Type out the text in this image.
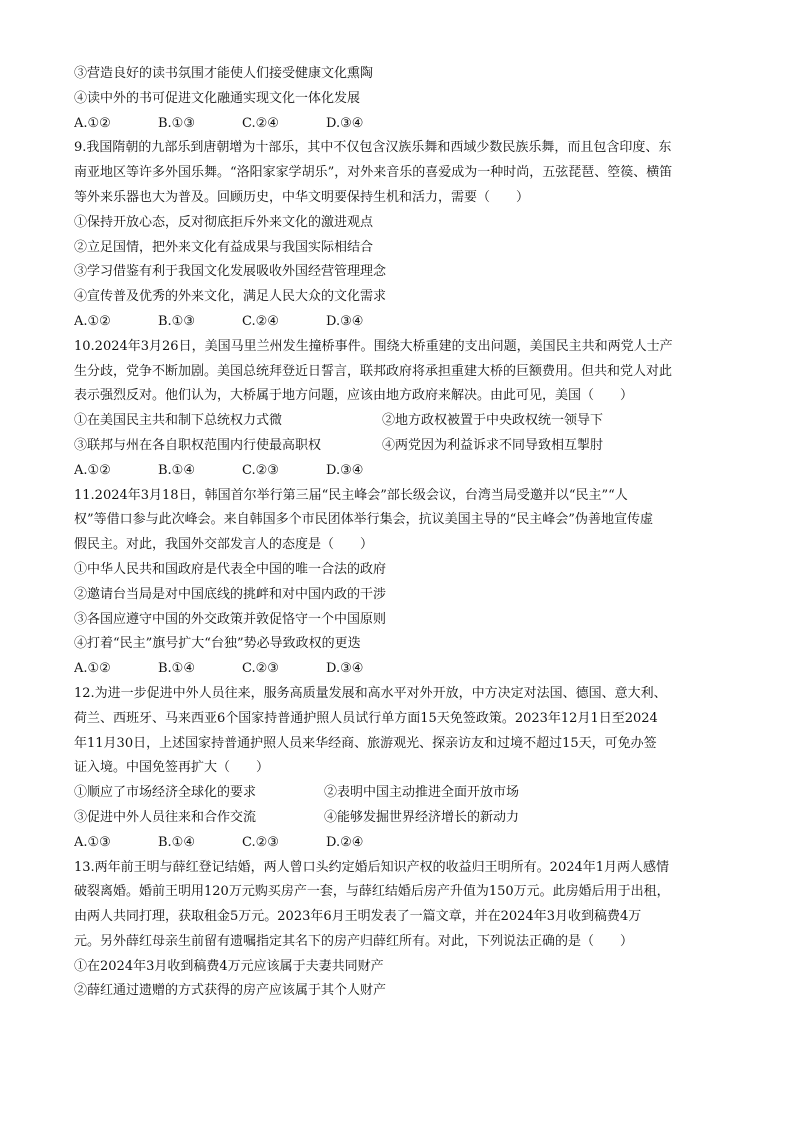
③营造良好的读书氛围才能使人们接受健康文化熏陶
④读中外的书可促进文化融通实现文化一体化发展
A.①②	B.①③	C.②④	D.③④
9.我国隋朝的九部乐到唐朝增为十部乐，其中不仅包含汉族乐舞和西域少数民族乐舞，而且包含印度、东
南亚地区等许多外国乐舞。“洛阳家家学胡乐”，对外来音乐的喜爱成为一种时尚，五弦琵琶、箜篌、横笛
等外来乐器也大为普及。回顾历史，中华文明要保持生机和活力，需要（　　）
①保持开放心态，反对彻底拒斥外来文化的激进观点
②立足国情，把外来文化有益成果与我国实际相结合
③学习借鉴有利于我国文化发展吸收外国经营管理理念
④宣传普及优秀的外来文化，满足人民大众的文化需求
A.①②	B.①③	C.②④	D.③④
10.2024年3月26日，美国马里兰州发生撞桥事件。围绕大桥重建的支出问题，美国民主共和两党人士产
生分歧，党争不断加剧。美国总统拜登近日誓言，联邦政府将承担重建大桥的巨额费用。但共和党人对此
表示强烈反对。他们认为，大桥属于地方问题，应该由地方政府来解决。由此可见，美国（　　）
①在美国民主共和制下总统权力式微	②地方政权被置于中央政权统一领导下
③联邦与州在各自职权范围内行使最高职权	④两党因为利益诉求不同导致相互掣肘
A.①②	B.①④	C.②③	D.③④
11.2024年3月18日，韩国首尔举行第三届“民主峰会”部长级会议，台湾当局受邀并以“民主”“人
权”等借口参与此次峰会。来自韩国多个市民团体举行集会，抗议美国主导的“民主峰会”伪善地宣传虚
假民主。对此，我国外交部发言人的态度是（　　）
①中华人民共和国政府是代表全中国的唯一合法的政府
②邀请台当局是对中国底线的挑衅和对中国内政的干涉
③各国应遵守中国的外交政策并敦促恪守一个中国原则
④打着“民主”旗号扩大“台独”势必导致政权的更迭
A.①②	B.①④	C.②③	D.③④
12.为进一步促进中外人员往来，服务高质量发展和高水平对外开放，中方决定对法国、德国、意大利、
荷兰、西班牙、马来西亚6个国家持普通护照人员试行单方面15天免签政策。2023年12月1日至2024
年11月30日，上述国家持普通护照人员来华经商、旅游观光、探亲访友和过境不超过15天，可免办签
证入境。中国免签再扩大（　　）
①顺应了市场经济全球化的要求	②表明中国主动推进全面开放市场
③促进中外人员往来和合作交流	④能够发掘世界经济增长的新动力
A.①③	B.①④	C.②③	D.②④
13.两年前王明与薛红登记结婚，两人曾口头约定婚后知识产权的收益归王明所有。2024年1月两人感情
破裂离婚。婚前王明用120万元购买房产一套，与薛红结婚后房产升值为150万元。此房婚后用于出租，
由两人共同打理，获取租金5万元。2023年6月王明发表了一篇文章，并在2024年3月收到稿费4万
元。另外薛红母亲生前留有遗嘱指定其名下的房产归薛红所有。对此，下列说法正确的是（　　）
①在2024年3月收到稿费4万元应该属于夫妻共同财产
②薛红通过遗赠的方式获得的房产应该属于其个人财产
